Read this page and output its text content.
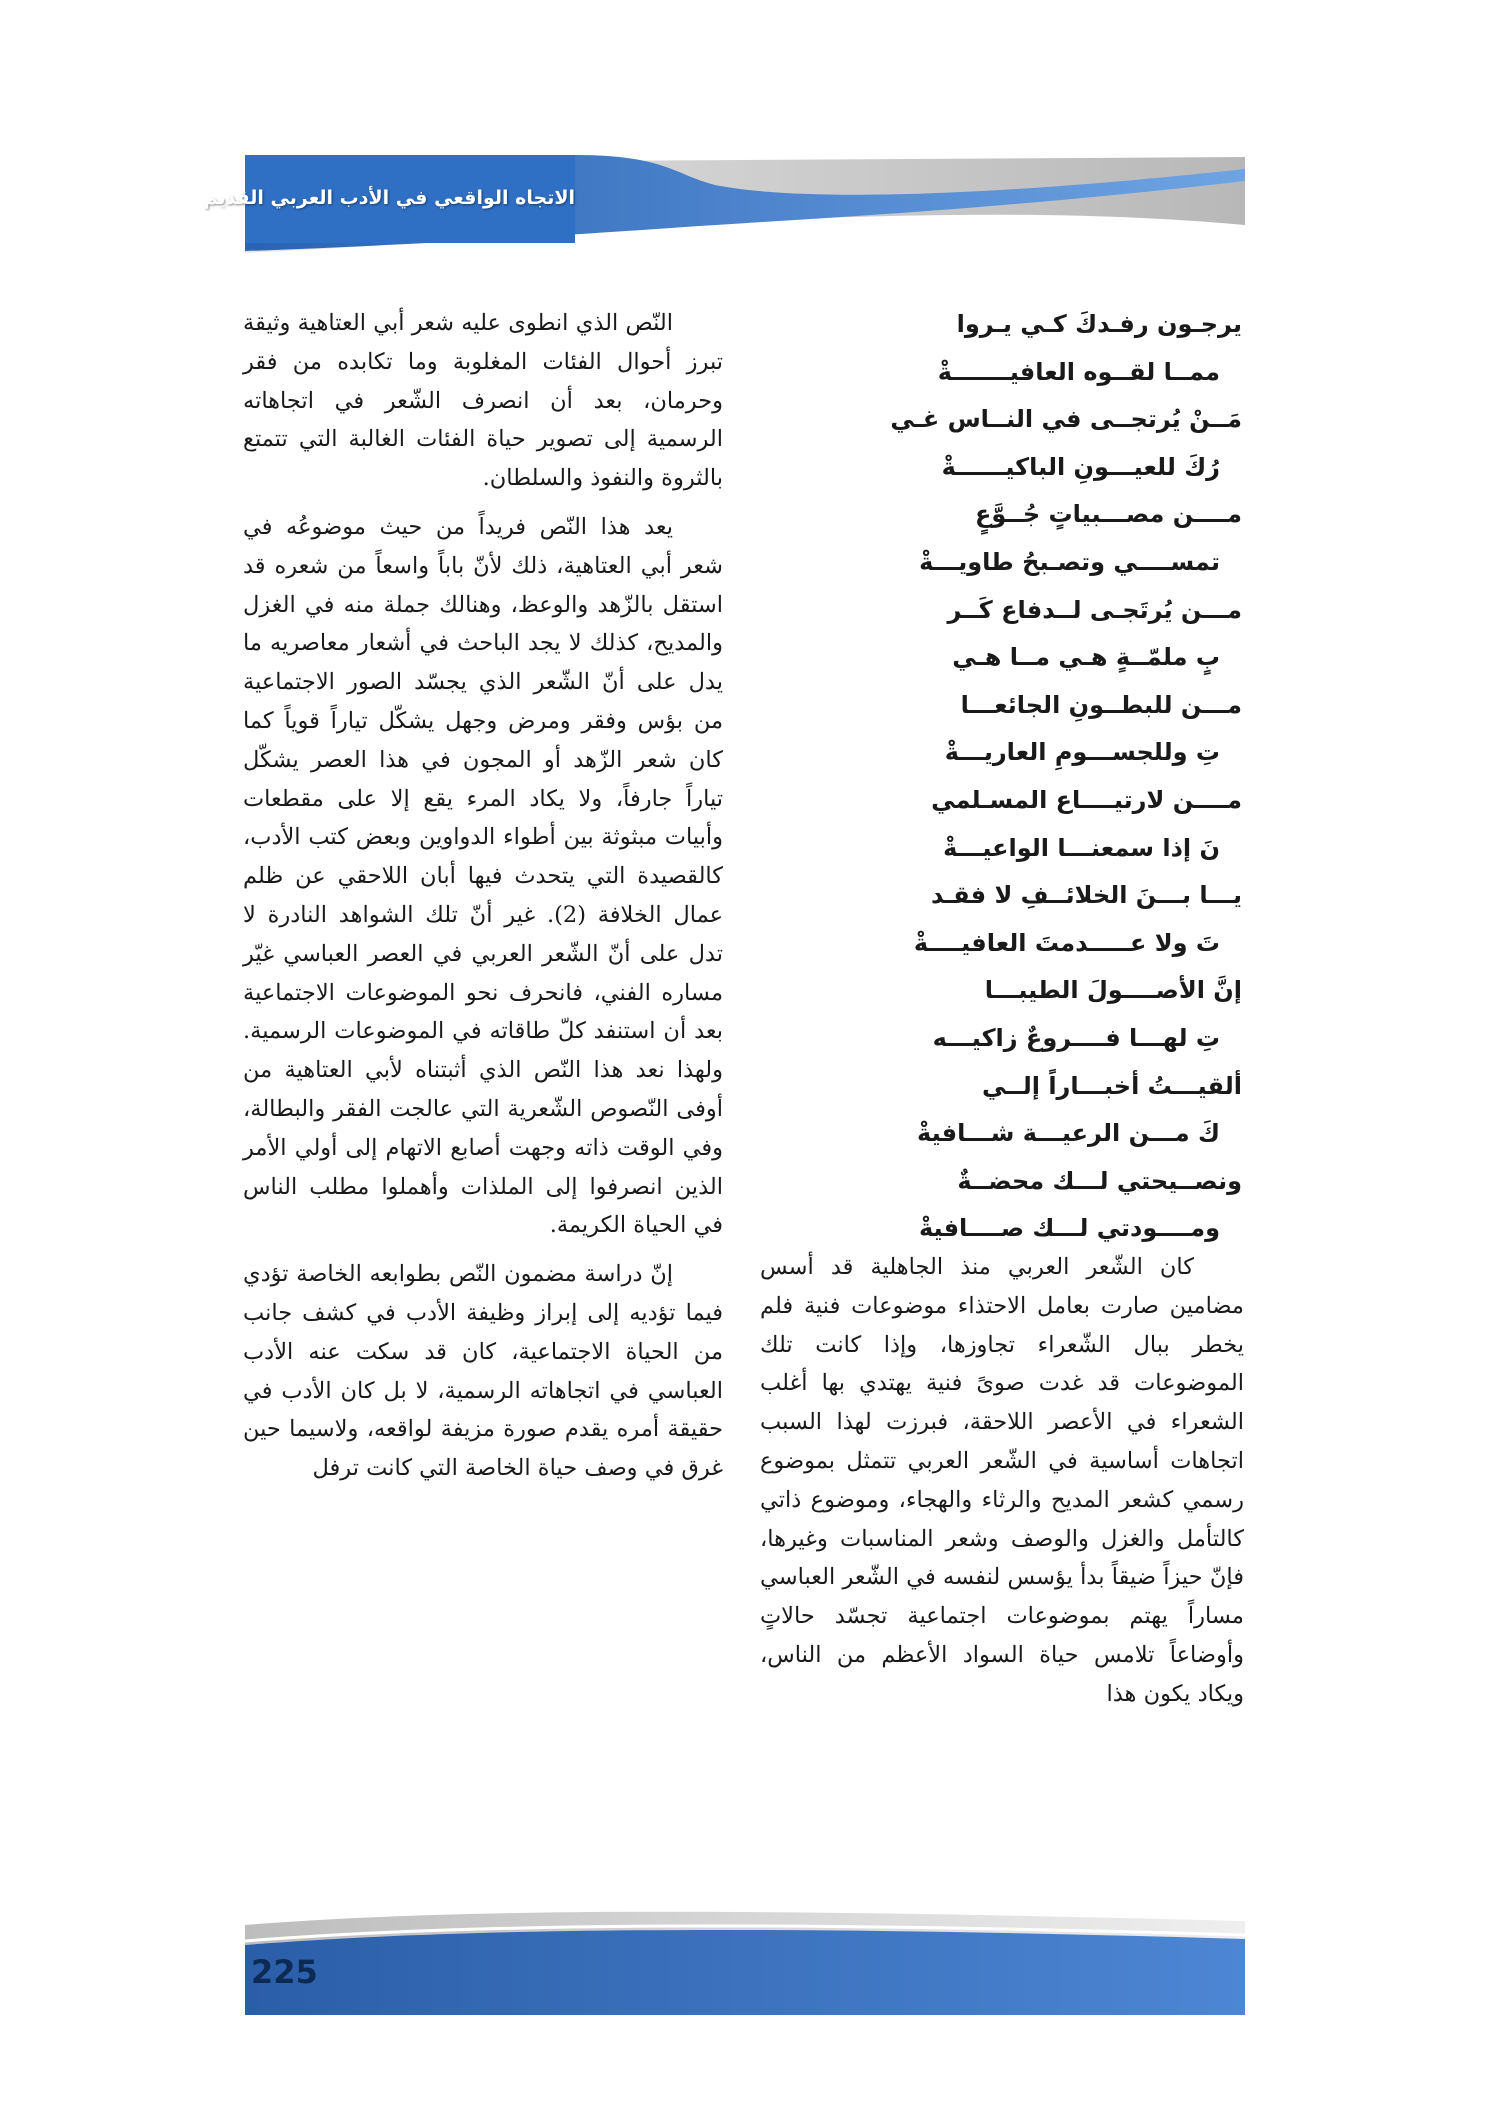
الاتجاه الواقعي في الأدب العربي القديم
يرجـون رفـدكَ كـي يـروا
ممــا لقــوه العافيـــــــةْ
مَــنْ يُرتجــى في النــاس غـي
رُكَ للعيـــونِ الباكيــــــةْ
مــــن مصـــبياتٍ جُــوَّعٍ
تمســــي وتصـبحُ طاويـــةْ
مـــن يُرتَجـى لــدفاع كَــر
بٍ ملمّــةٍ هـي مــا هـي
مـــن للبطــونِ الجائعـــا
تِ وللجســـومِ العاريـــةْ
مــــن لارتيــــاع المسـلمي
نَ إذا سمعنـــا الواعيـــةْ
يـــا بـــنَ الخلائــفِ لا فقـد
تَ ولا عـــــدمتَ العافيــــةْ
إنَّ الأصــــولَ الطيبـــا
تِ لهـــا فــــروعٌ زاكيـــه
ألقيـــتُ أخبـــاراً إلــي
كَ مـــن الرعيـــة شـــافيةْ
ونصــيحتي لـــك محضــةٌ
ومــــودتي لـــك صــــافيةْ

كان الشّعر العربي منذ الجاهلية قد أسس مضامين صارت بعامل الاحتذاء موضوعات فنية فلم يخطر ببال الشّعراء تجاوزها، وإذا كانت تلك الموضوعات قد غدت صوىً فنية يهتدي بها أغلب الشعراء في الأعصر اللاحقة، فبرزت لهذا السبب اتجاهات أساسية في الشّعر العربي تتمثل بموضوع رسمي كشعر المديح والرثاء والهجاء، وموضوع ذاتي كالتأمل والغزل والوصف وشعر المناسبات وغيرها، فإنّ حيزاً ضيقاً بدأ يؤسس لنفسه في الشّعر العباسي مساراً يهتم بموضوعات اجتماعية تجسّد حالاتٍ وأوضاعاً تلامس حياة السواد الأعظم من الناس، ويكاد يكون هذا

النّص الذي انطوى عليه شعر أبي العتاهية وثيقة تبرز أحوال الفئات المغلوبة وما تكابده من فقر وحرمان، بعد أن انصرف الشّعر في اتجاهاته الرسمية إلى تصوير حياة الفئات الغالبة التي تتمتع بالثروة والنفوذ والسلطان.

يعد هذا النّص فريداً من حيث موضوعُه في شعر أبي العتاهية، ذلك لأنّ باباً واسعاً من شعره قد استقل بالزّهد والوعظ، وهنالك جملة منه في الغزل والمديح، كذلك لا يجد الباحث في أشعار معاصريه ما يدل على أنّ الشّعر الذي يجسّد الصور الاجتماعية من بؤس وفقر ومرض وجهل يشكّل تياراً قوياً كما كان شعر الزّهد أو المجون في هذا العصر يشكّل تياراً جارفاً، ولا يكاد المرء يقع إلا على مقطعات وأبيات مبثوثة بين أطواء الدواوين وبعض كتب الأدب، كالقصيدة التي يتحدث فيها أبان اللاحقي عن ظلم عمال الخلافة (2). غير أنّ تلك الشواهد النادرة لا تدل على أنّ الشّعر العربي في العصر العباسي غيّر مساره الفني، فانحرف نحو الموضوعات الاجتماعية بعد أن استنفد كلّ طاقاته في الموضوعات الرسمية. ولهذا نعد هذا النّص الذي أثبتناه لأبي العتاهية من أوفى النّصوص الشّعرية التي عالجت الفقر والبطالة، وفي الوقت ذاته وجهت أصابع الاتهام إلى أولي الأمر الذين انصرفوا إلى الملذات وأهملوا مطلب الناس في الحياة الكريمة.

إنّ دراسة مضمون النّص بطوابعه الخاصة تؤدي فيما تؤديه إلى إبراز وظيفة الأدب في كشف جانب من الحياة الاجتماعية، كان قد سكت عنه الأدب العباسي في اتجاهاته الرسمية، لا بل كان الأدب في حقيقة أمره يقدم صورة مزيفة لواقعه، ولاسيما حين غرق في وصف حياة الخاصة التي كانت ترفل

225
